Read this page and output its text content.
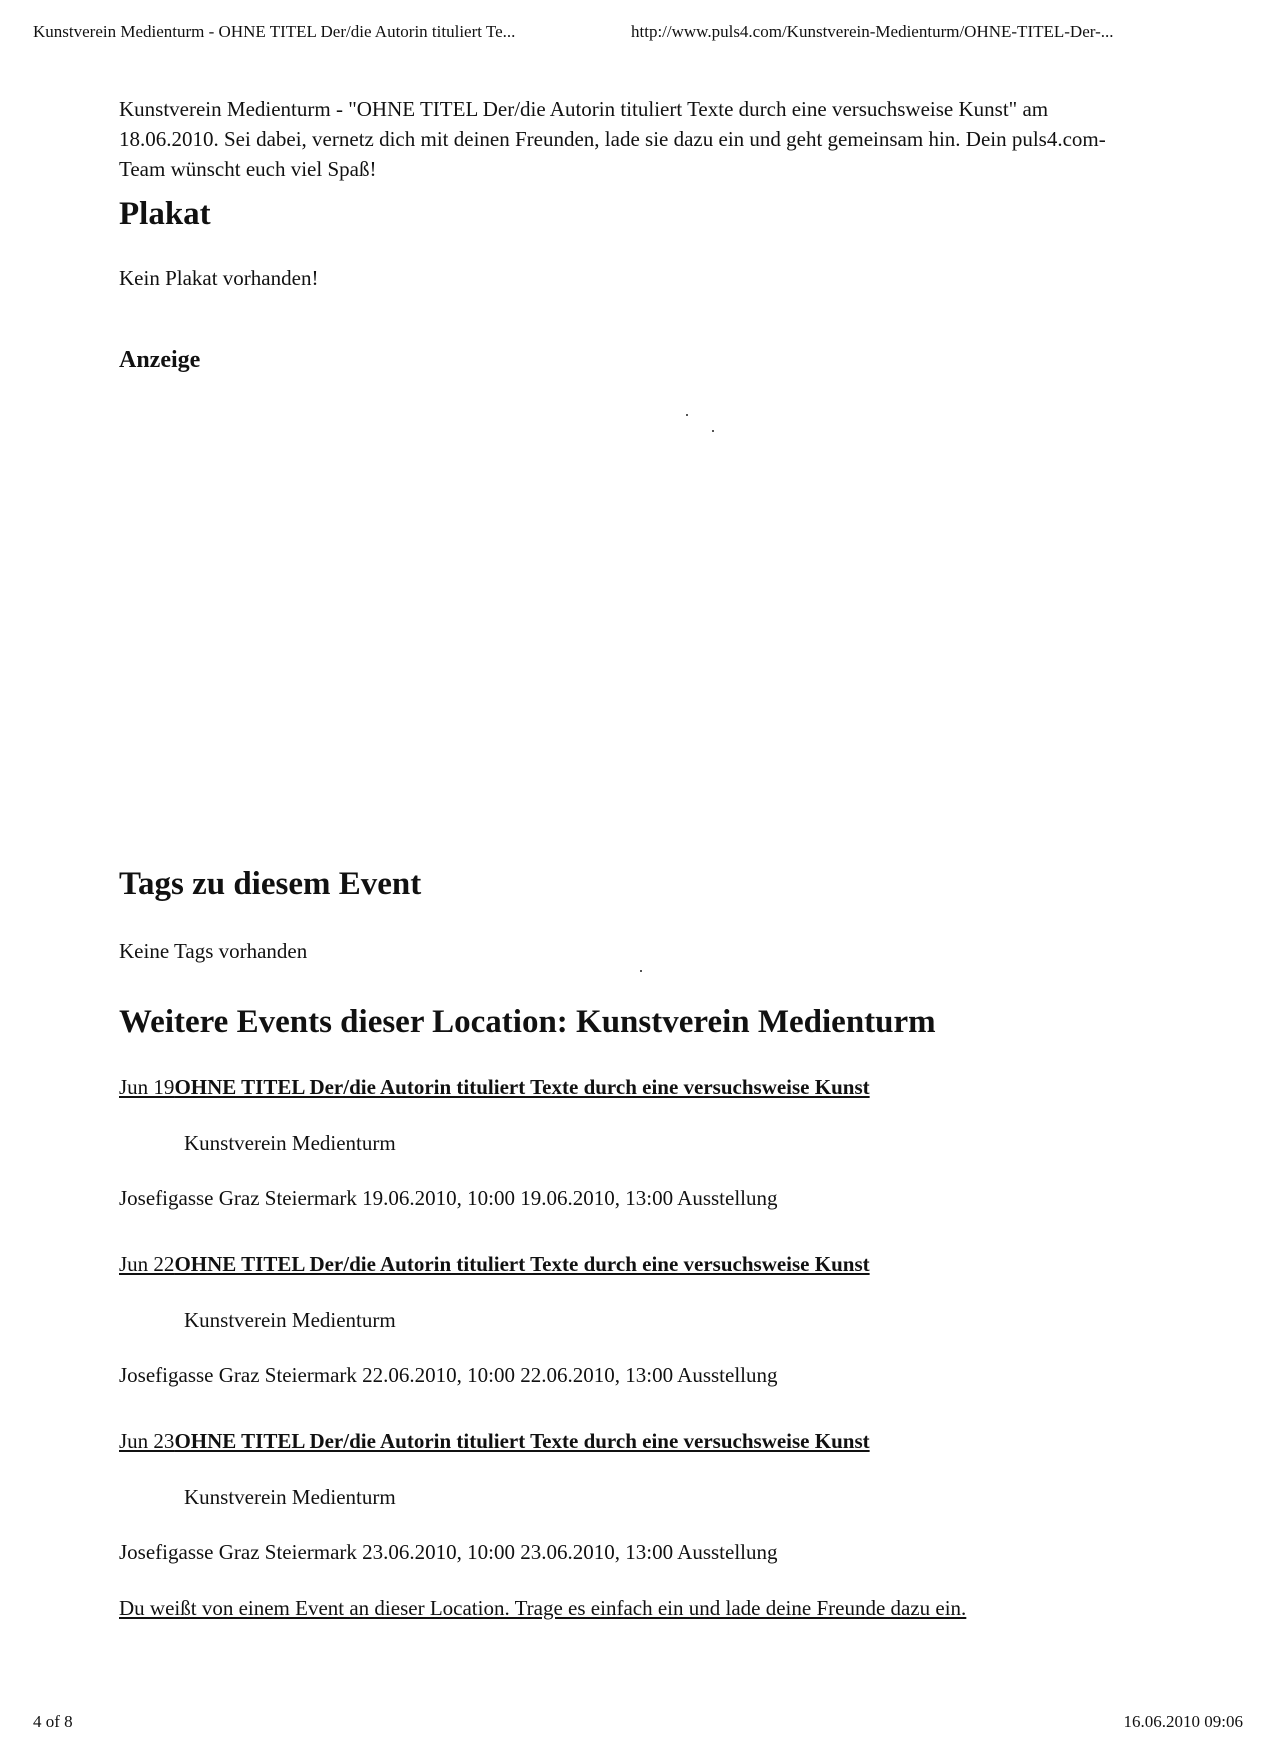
Kunstverein Medienturm - OHNE TITEL Der/die Autorin tituliert Te...	http://www.puls4.com/Kunstverein-Medienturm/OHNE-TITEL-Der-...

Kunstverein Medienturm - "OHNE TITEL Der/die Autorin tituliert Texte durch eine versuchsweise Kunst" am 18.06.2010. Sei dabei, vernetz dich mit deinen Freunden, lade sie dazu ein und geht gemeinsam hin. Dein puls4.com-Team wünscht euch viel Spaß!

Plakat

Kein Plakat vorhanden!

Anzeige
Tags zu diesem Event

Keine Tags vorhanden

Weitere Events dieser Location: Kunstverein Medienturm
Jun 19OHNE TITEL Der/die Autorin tituliert Texte durch eine versuchsweise Kunst
Kunstverein Medienturm
Josefigasse Graz Steiermark 19.06.2010, 10:00 19.06.2010, 13:00 Ausstellung
Jun 22OHNE TITEL Der/die Autorin tituliert Texte durch eine versuchsweise Kunst
Kunstverein Medienturm
Josefigasse Graz Steiermark 22.06.2010, 10:00 22.06.2010, 13:00 Ausstellung
Jun 23OHNE TITEL Der/die Autorin tituliert Texte durch eine versuchsweise Kunst
Kunstverein Medienturm
Josefigasse Graz Steiermark 23.06.2010, 10:00 23.06.2010, 13:00 Ausstellung
Du weißt von einem Event an dieser Location. Trage es einfach ein und lade deine Freunde dazu ein.
4 of 8	16.06.2010 09:06
